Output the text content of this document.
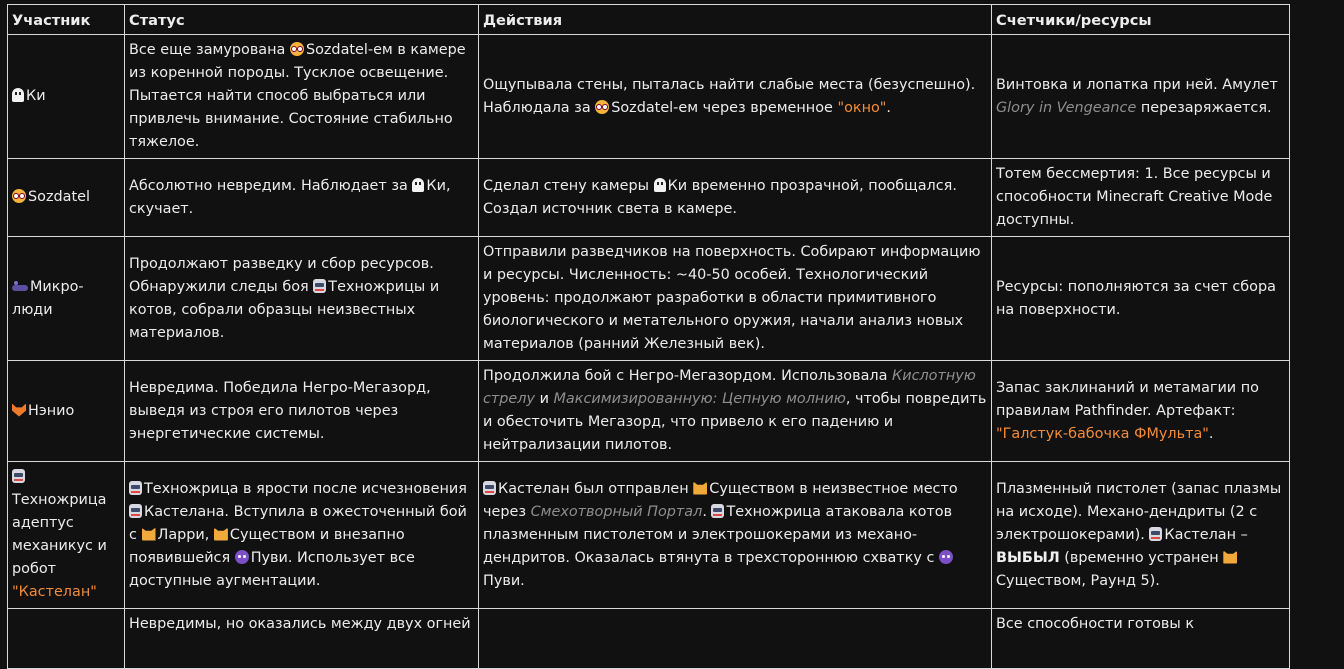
Участник	Статус	Действия	Счетчики/ресурсы
Ки	Все еще замурована Sozdatel-ем в камере из коренной породы. Тусклое освещение. Пытается найти способ выбраться или привлечь внимание. Состояние стабильно тяжелое.	Ощупывала стены, пыталась найти слабые места (безуспешно). Наблюдала за Sozdatel-ем через временное "окно".	Винтовка и лопатка при ней. Амулет Glory in Vengeance перезаряжается.
Sozdatel	Абсолютно невредим. Наблюдает за Ки, скучает.	Сделал стену камеры Ки временно прозрачной, пообщался. Создал источник света в камере.	Тотем бессмертия: 1. Все ресурсы и способности Minecraft Creative Mode доступны.
Микро-люди	Продолжают разведку и сбор ресурсов. Обнаружили следы боя Техножрицы и котов, собрали образцы неизвестных материалов.	Отправили разведчиков на поверхность. Собирают информацию и ресурсы. Численность: ~40-50 особей. Технологический уровень: продолжают разработки в области примитивного биологического и метательного оружия, начали анализ новых материалов (ранний Железный век).	Ресурсы: пополняются за счет сбора на поверхности.
Нэнио	Невредима. Победила Негро-Мегазорд, выведя из строя его пилотов через энергетические системы.	Продолжила бой с Негро-Мегазордом. Использовала Кислотную стрелу и Максимизированную: Цепную молнию, чтобы повредить и обесточить Мегазорд, что привело к его падению и нейтрализации пилотов.	Запас заклинаний и метамагии по правилам Pathfinder. Артефакт: "Галстук-бабочка ФМульта".

Техножрица адептус механикус и робот "Кастелан"	Техножрица в ярости после исчезновения Кастелана. Вступила в ожесточенный бой с Ларри, Существом и внезапно появившейся Пуви. Использует все доступные аугментации.	Кастелан был отправлен Существом в неизвестное место через Смехотворный Портал. Техножрица атаковала котов плазменным пистолетом и электрошокерами из механо-дендритов. Оказалась втянута в трехстороннюю схватку с Пуви.	Плазменный пистолет (запас плазмы на исходе). Механо-дендриты (2 с электрошокерами). Кастелан – ВЫБЫЛ (временно устранен Существом, Раунд 5).
	Невредимы, но оказались между двух огней		Все способности готовы к
